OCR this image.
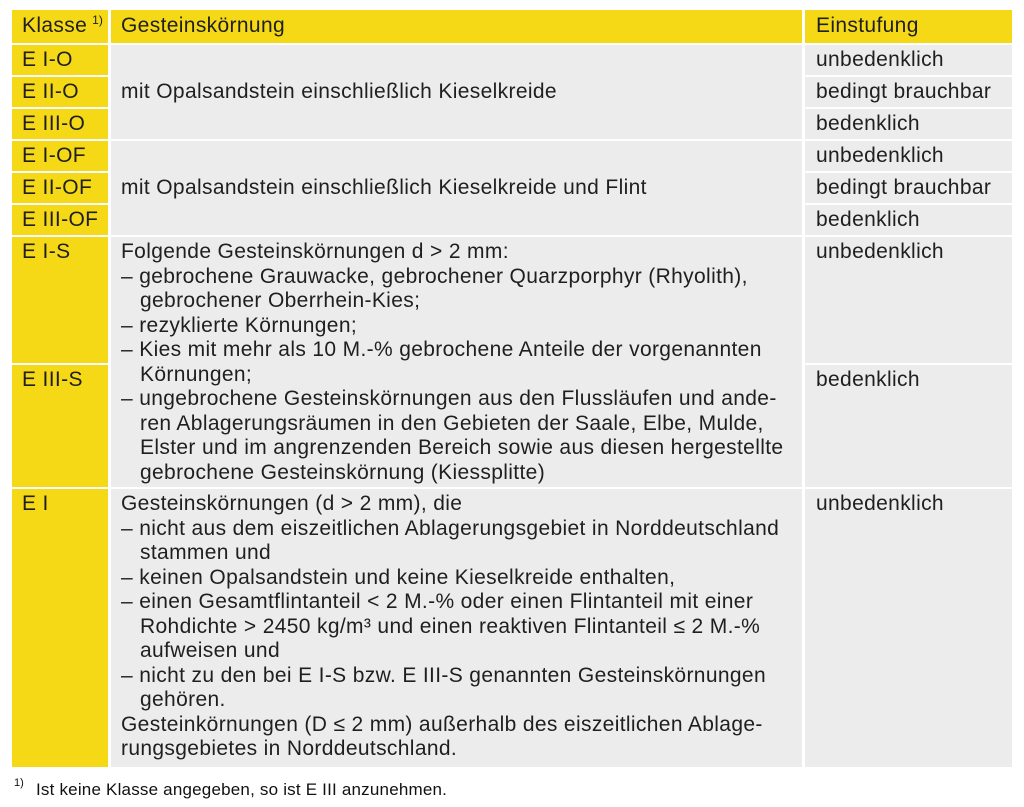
Klasse $^{1)}$ Gesteinskörnung	Einstufung
E I-O
E II-O
E III-O
E I-OF
E II-OF
E III-OF
E I-S
E III-S
E I
mit Opalsandstein einschließlich Kieselkreide
mit Opalsandstein einschließlich Kieselkreide und Flint
Folgende Gesteinskörnungen d > 2 mm:
– gebrochene Grauwacke, gebrochener Quarzporphyr (Rhyolith),
gebrochener Oberrhein-Kies;
– rezyklierte Körnungen;
– Kies mit mehr als 10 M.-% gebrochene Anteile der vorgenannten
Körnungen;
– ungebrochene Gesteinskörnungen aus den Flussläufen und ande-
ren Ablagerungsräumen in den Gebieten der Saale, Elbe, Mulde,
Elster und im angrenzenden Bereich sowie aus diesen hergestellte
gebrochene Gesteinskörnung (Kiessplitte)
Gesteinskörnungen (d > 2 mm), die
– nicht aus dem eiszeitlichen Ablagerungsgebiet in Norddeutschland
stammen und
– keinen Opalsandstein und keine Kieselkreide enthalten,
– einen Gesamtflintanteil < 2 M.-% oder einen Flintanteil mit einer
Rohdichte > 2450 kg/m³ und einen reaktiven Flintanteil ≤ 2 M.-%
aufweisen und
– nicht zu den bei E I-S bzw. E III-S genannten Gesteinskörnungen
gehören.
Gesteinkörnungen (D ≤ 2 mm) außerhalb des eiszeitlichen Ablage-
rungsgebietes in Norddeutschland.
unbedenklich
bedingt brauchbar
bedenklich
unbedenklich
bedingt brauchbar
bedenklich
unbedenklich
bedenklich
unbedenklich
1) Ist keine Klasse angegeben, so ist E III anzunehmen.
